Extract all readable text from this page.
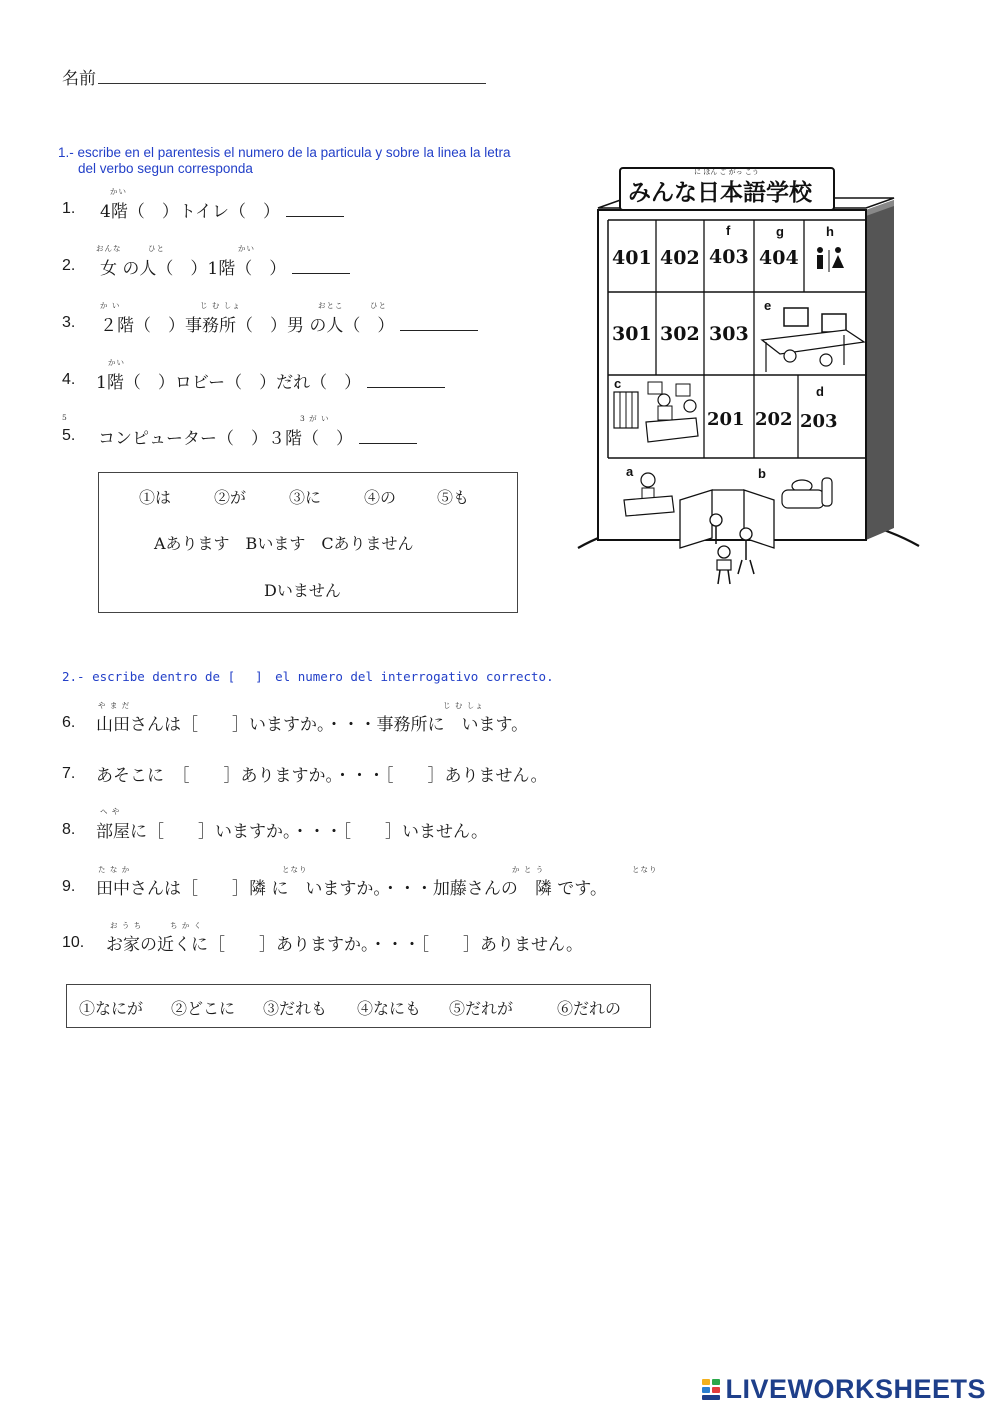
名前
1.- escribe en el parentesis el numero de la particula y sobre la linea la letra
del verbo segun corresponda
1.
かい
4階（　）トイレ（　）
2.
おんな	ひと	かい
女 の人（　）1階（　）
3.
か い	じ む しょ	おとこ	ひと
２階（　）事務所（　）男 の人（　）
4.
かい
1階（　）ロビー（　）だれ（　）
5.
5	3 が い
コンピューター（　）３階（　）
①は	②が	③に	④の	⑤も
Aあります　Bいます　Cありません
Dいません
に ほん ご がっ こう
みんな日本語学校
401 402 403 404
301 302 303
201 202 203
a	b
c
d
e
f	g	h
2.- escribe dentro de [　 ]　el numero del interrogativo correcto.
6.
や ま だ	じ む しょ
山田さんは［　　］いますか。・・・事務所に　います。
7. あそこに　［　　］ありますか。・・・［　　］ありません。
8.
へ や
部屋に［　　］いますか。・・・［　　］いません。
9.
た な か	となり	か と う	となり
田中さんは［　　］隣 に　いますか。・・・加藤さんの　隣 です。
10.
お う ち	ち か く
お家の近くに［　　］ありますか。・・・［　　］ありません。
①なにが ②どこに ③だれも ④なにも ⑤だれが	⑥だれの
LIVEWORKSHEETS
